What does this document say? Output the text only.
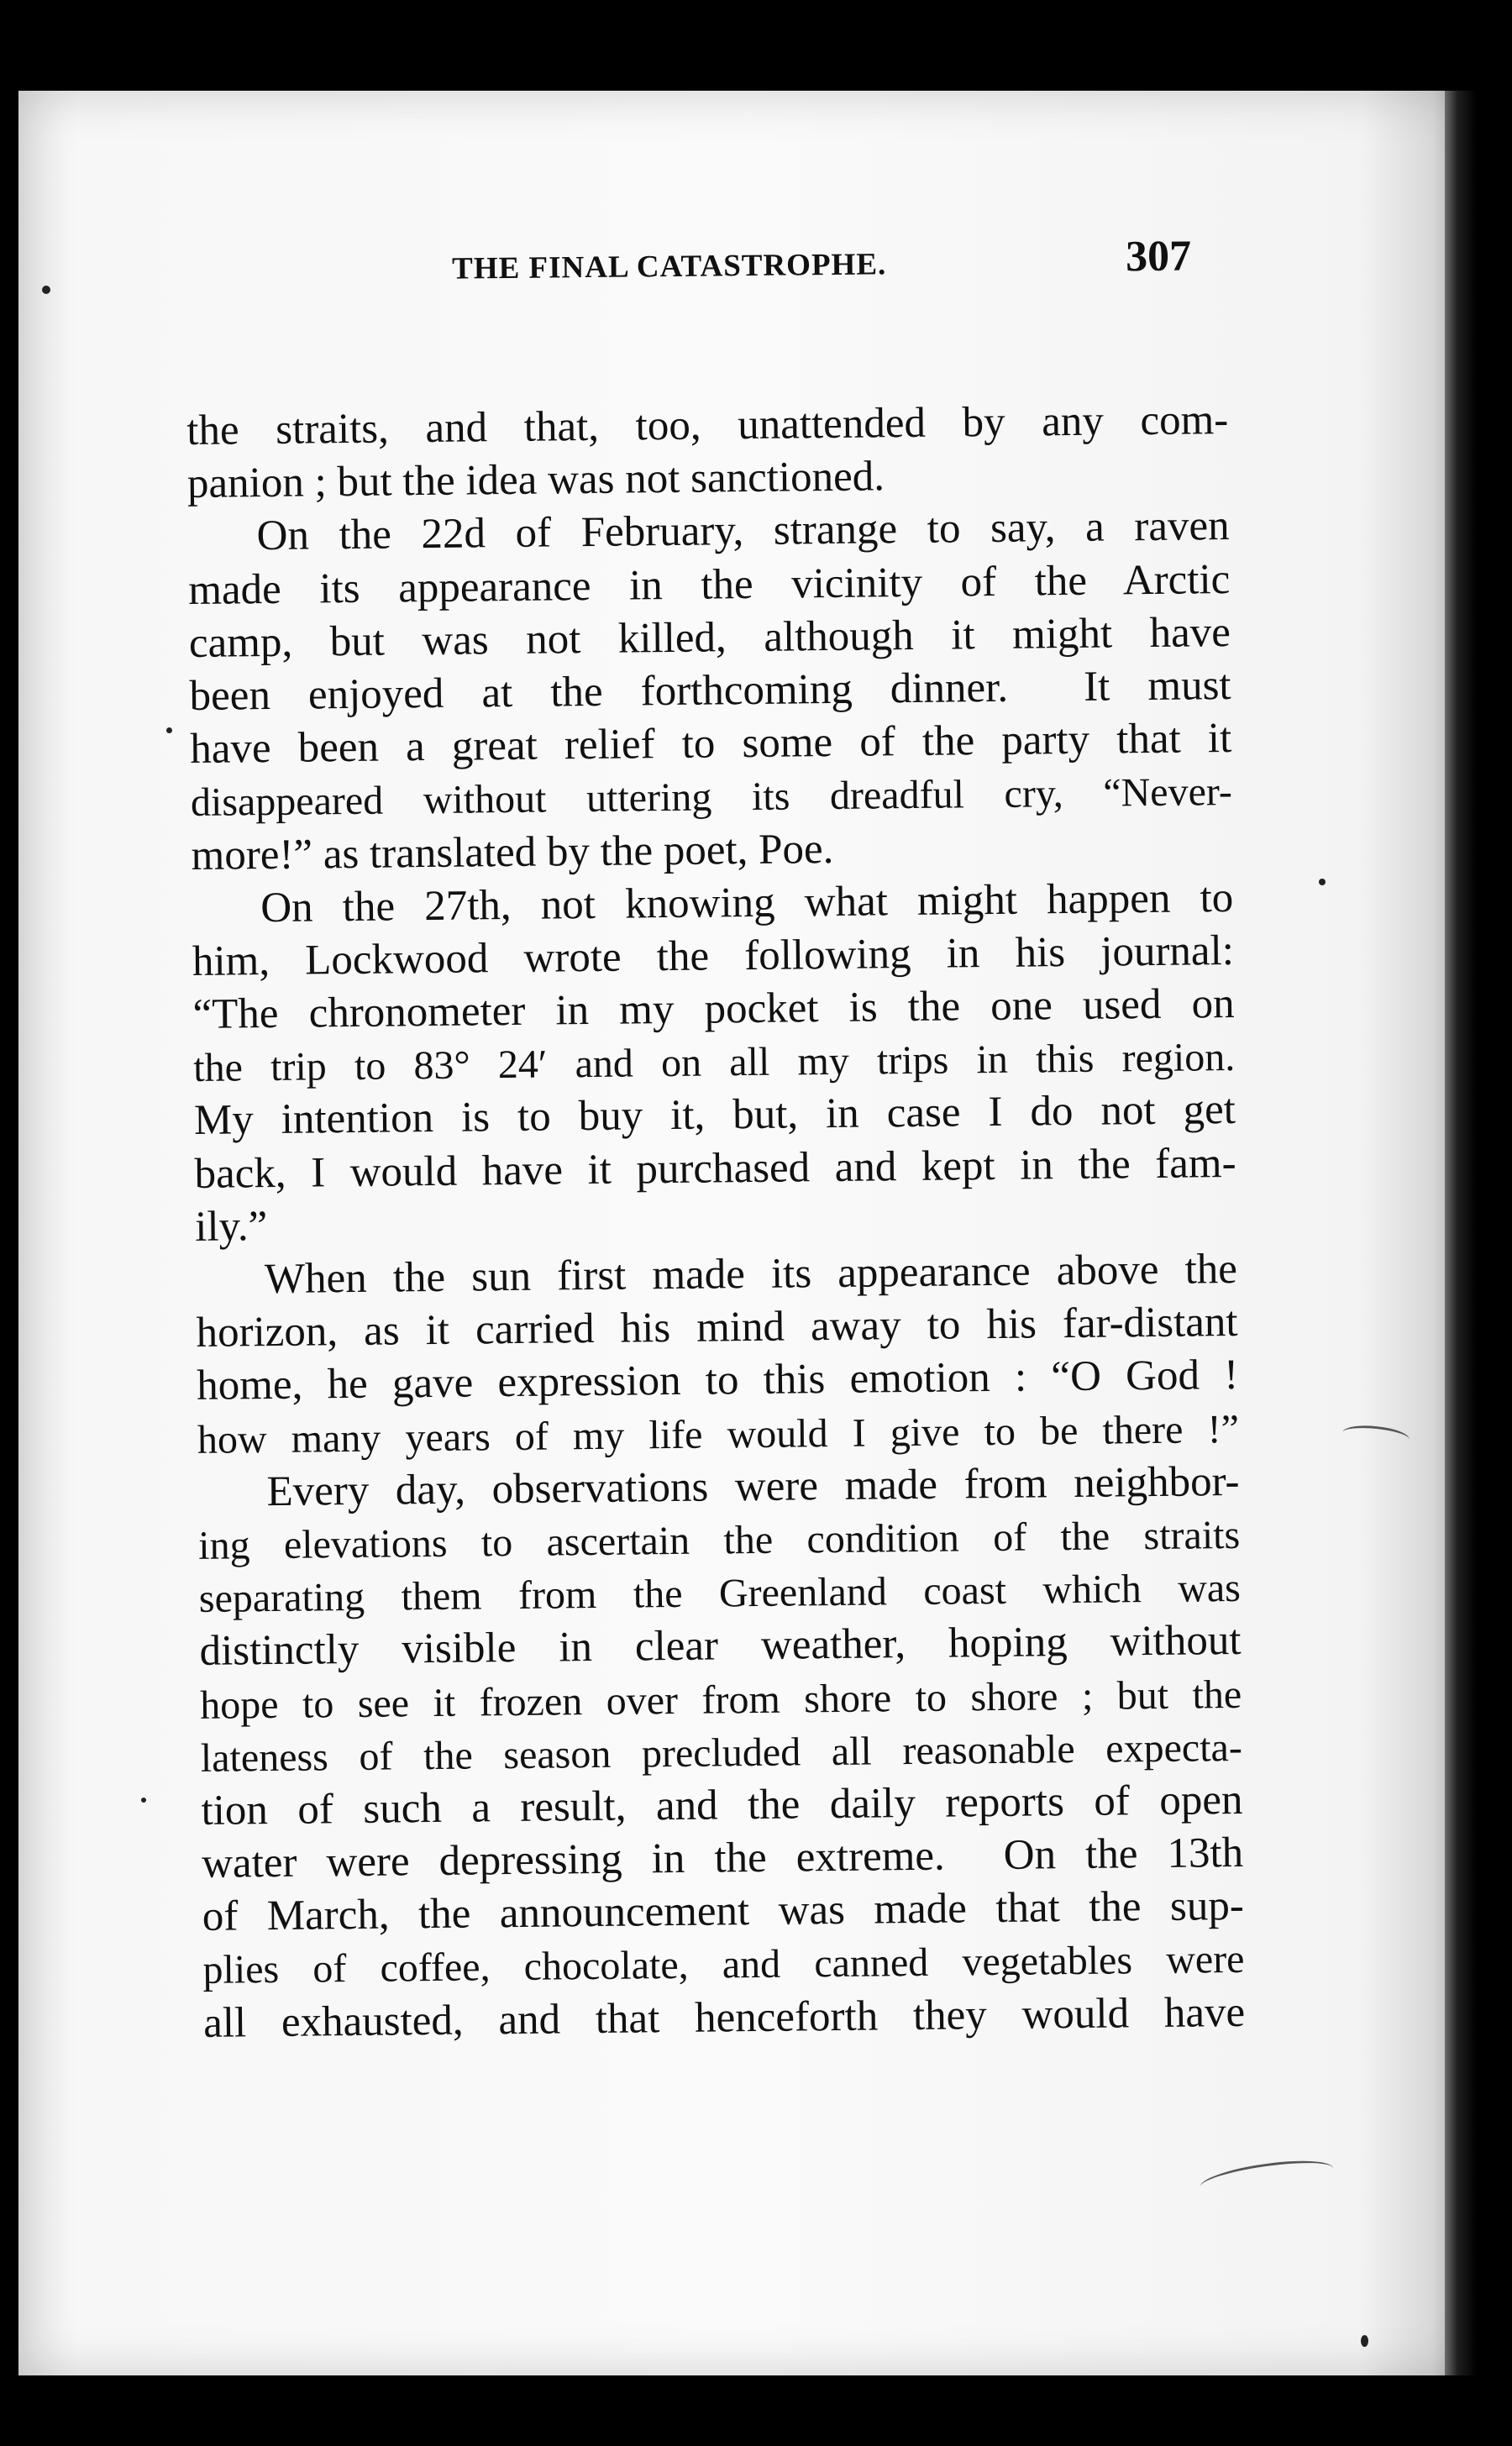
THE FINAL CATASTROPHE.	307
the straits, and that, too, unattended by any com-
panion ; but the idea was not sanctioned.
On the 22d of February, strange to say, a raven
made its appearance in the vicinity of the Arctic
camp, but was not killed, although it might have
been enjoyed at the forthcoming dinner.  It must
have been a great relief to some of the party that it
disappeared without uttering its dreadful cry, “Never-
more!” as translated by the poet, Poe.
On the 27th, not knowing what might happen to
him, Lockwood wrote the following in his journal:
“The chronometer in my pocket is the one used on
the trip to 83° 24′ and on all my trips in this region.
My intention is to buy it, but, in case I do not get
back, I would have it purchased and kept in the fam-
ily.”
When the sun first made its appearance above the
horizon, as it carried his mind away to his far-distant
home, he gave expression to this emotion : “O God !
how many years of my life would I give to be there !”
Every day, observations were made from neighbor-
ing elevations to ascertain the condition of the straits
separating them from the Greenland coast which was
distinctly visible in clear weather, hoping without
hope to see it frozen over from shore to shore ; but the
lateness of the season precluded all reasonable expecta-
tion of such a result, and the daily reports of open
water were depressing in the extreme.  On the 13th
of March, the announcement was made that the sup-
plies of coffee, chocolate, and canned vegetables were
all exhausted, and that henceforth they would have
